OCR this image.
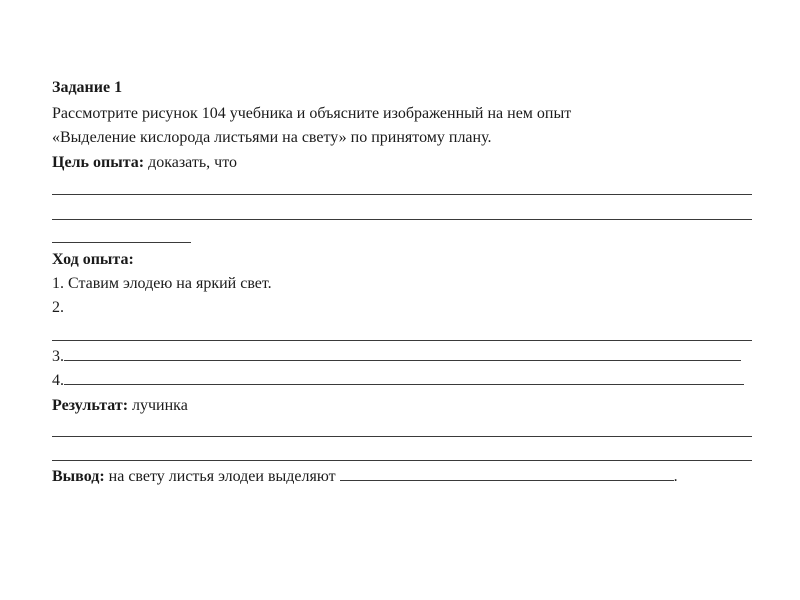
Задание 1
Рассмотрите рисунок 104 учебника и объясните изображенный на нем опыт
«Выделение кислорода листьями на свету» по принятому плану.
Цель опыта: доказать, что
Ход опыта:
1. Ставим элодею на яркий свет.
2.
3.
4.
Результат: лучинка
Вывод: на свету листья элодеи выделяют	.
